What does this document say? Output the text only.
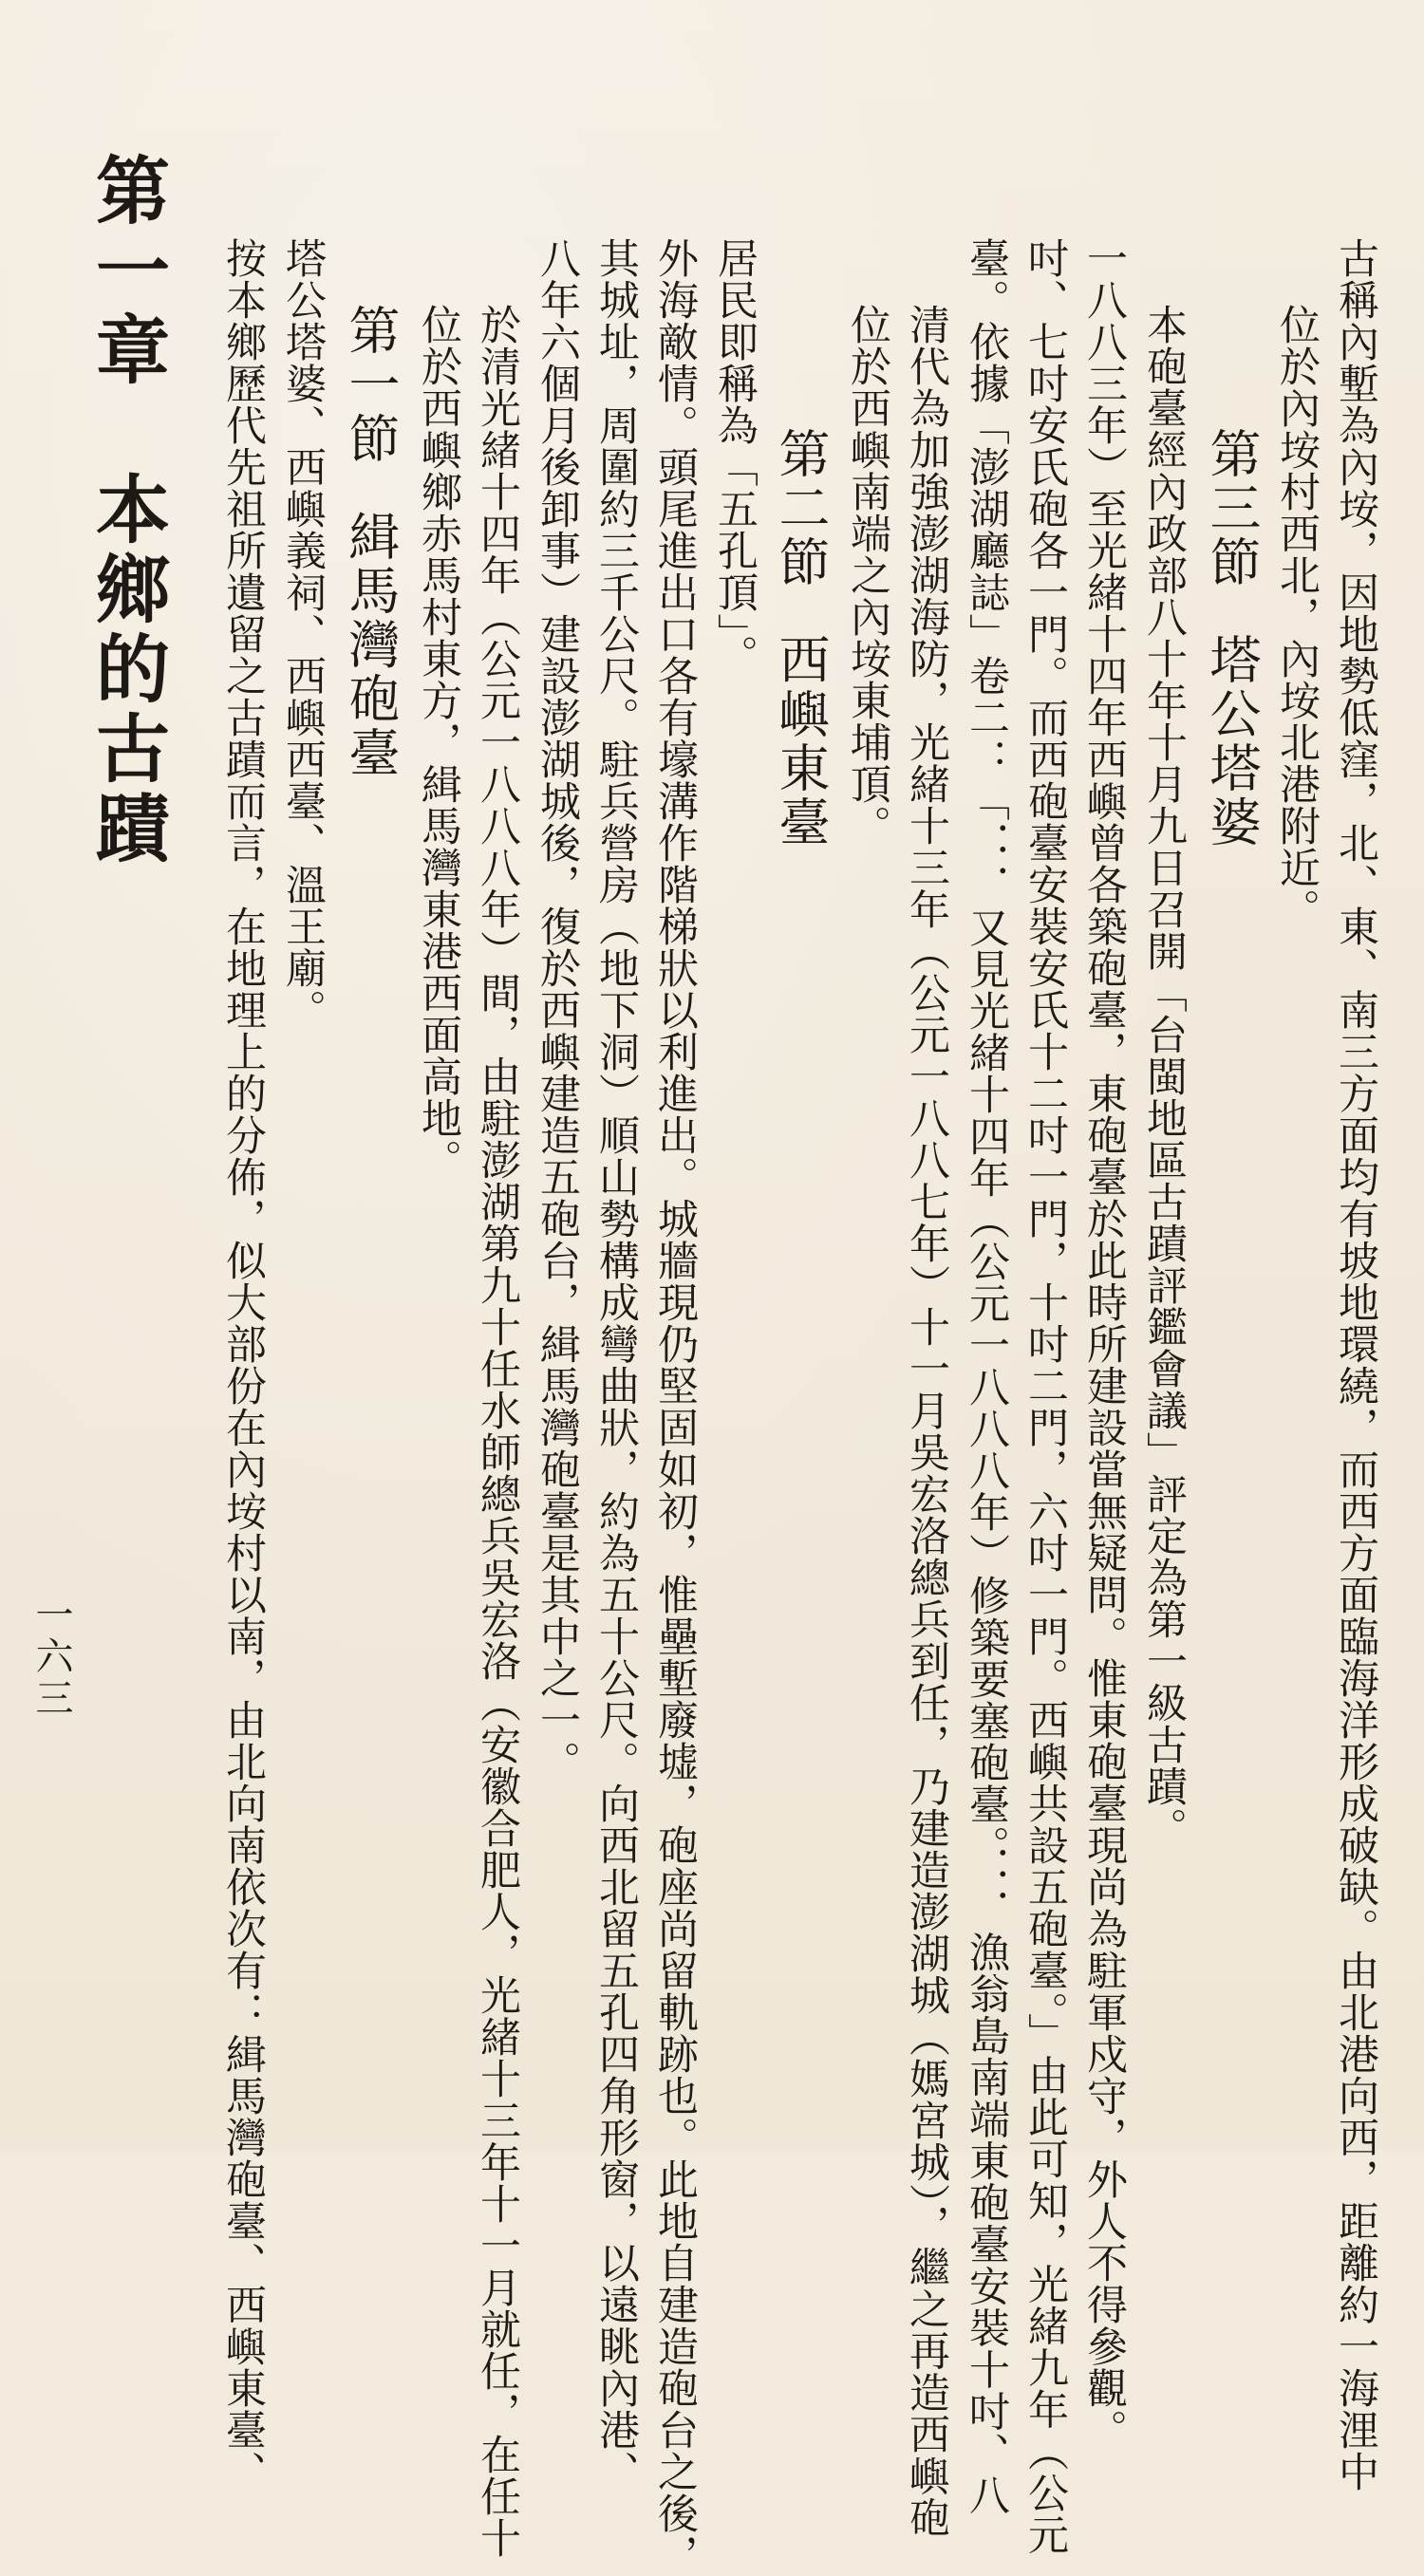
第一章　本鄉的古蹟 按本鄉歷代先祖所遺留之古蹟而言，在地理上的分佈，似大部份在內垵村以南，由北向南依次有：緝馬灣砲臺、西嶼東臺、 塔公塔婆、西嶼義祠、西嶼西臺、溫王廟。 第一節緝馬灣砲臺 位於西嶼鄉赤馬村東方，緝馬灣東港西面高地。 於清光緒十四年（公元一八八八年）間，由駐澎湖第九十任水師總兵吳宏洛（安徽合肥人，光緒十三年十一月就任，在任十 八年六個月後卸事）建設澎湖城後，復於西嶼建造五砲台，緝馬灣砲臺是其中之一。 其城址，周圍約三千公尺。駐兵營房（地下洞）順山勢構成彎曲狀，約為五十公尺。向西北留五孔四角形窗，以遠眺內港、 外海敵情。頭尾進出口各有壕溝作階梯狀以利進出。城牆現仍堅固如初，惟壘塹廢墟，砲座尚留軌跡也。此地自建造砲台之後， 居民即稱為「五孔頂」。 第二節西嶼東臺 位於西嶼南端之內垵東埔頂。 清代為加強澎湖海防，光緒十三年（公元一八八七年）十一月吳宏洛總兵到任，乃建造澎湖城（媽宮城），繼之再造西嶼砲 臺。依據「澎湖廳誌」卷二：「．．．又見光緒十四年（公元一八八八年）修築要塞砲臺。．．．漁翁島南端東砲臺安裝十吋、八 吋、七吋安氏砲各一門。而西砲臺安裝安氏十二吋一門，十吋二門，六吋一門。西嶼共設五砲臺。」由此可知，光緒九年（公元 一八八三年）至光緒十四年西嶼曾各築砲臺，東砲臺於此時所建設當無疑問。惟東砲臺現尚為駐軍戍守，外人不得參觀。 本砲臺經內政部八十年十月九日召開「台閩地區古蹟評鑑會議」評定為第一級古蹟。 第三節塔公塔婆 位於內垵村西北，內垵北港附近。 古稱內塹為內垵，因地勢低窪，北、東、南三方面均有坡地環繞，而西方面臨海洋形成破缺。由北港向西，距離約一海浬中

一六三
